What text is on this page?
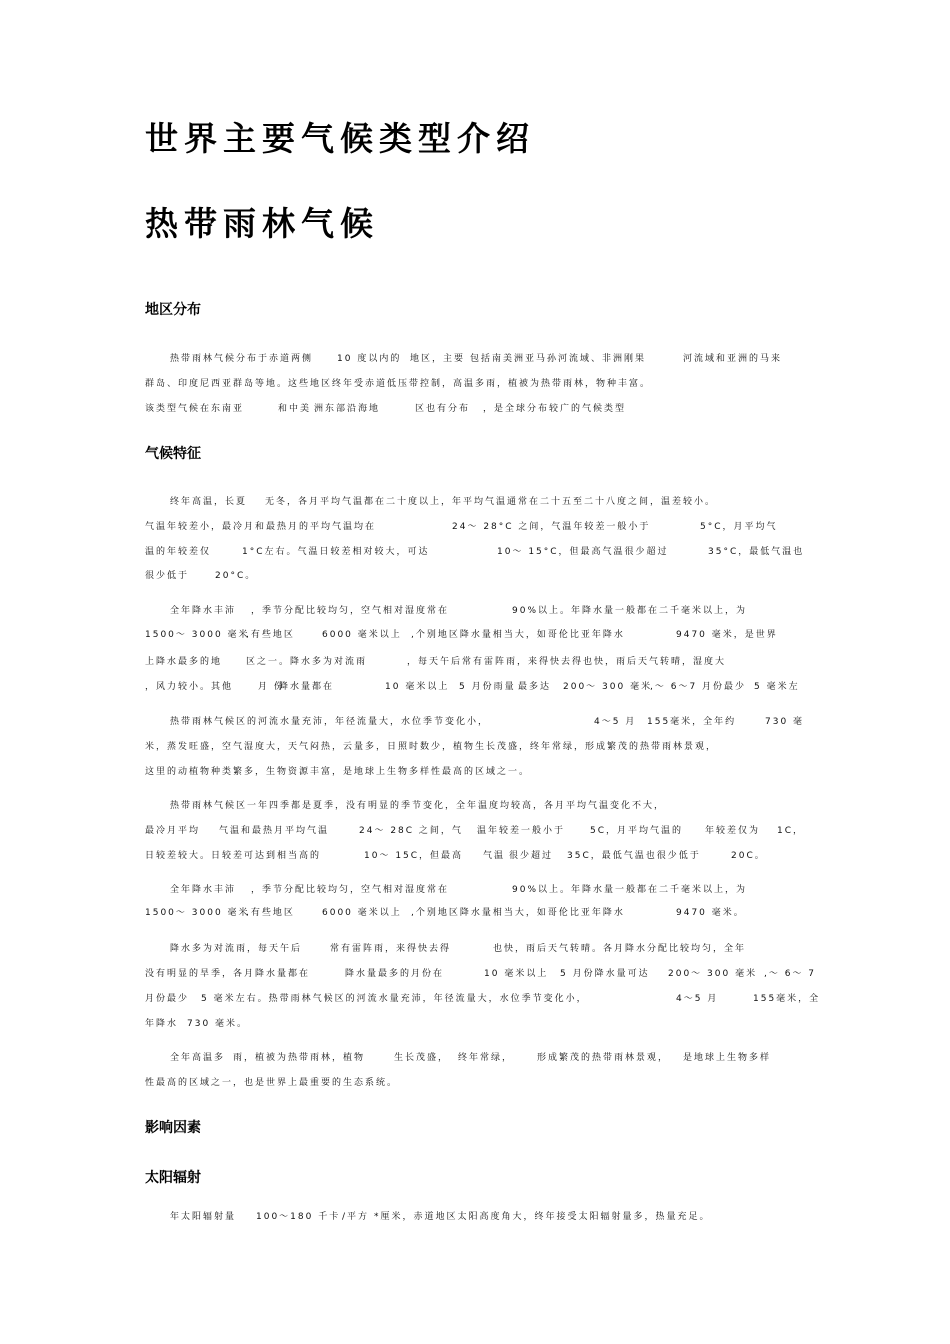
世界主要气候类型介绍
热带雨林气候
地区分布
气候特征
影响因素
太阳辐射
热带雨林气候分布于赤道两侧	10 度以内的 地区，主要 包括南美洲亚马孙河流域、非洲刚果	河流域和亚洲的马来
群岛、印度尼西亚群岛等地。这些地区终年受赤道低压带控制，高温多雨，植被为热带雨林，物种丰富。
该类型气候在东南亚	和中美 洲东部沿海地	区也有分布 ，是全球分布较广的气候类型
终年高温，长夏 无冬，各月平均气温都在二十度以上，年平均气温通常在二十五至二十八度之间，温差较小。
气温年较差小，最冷月和最热月的平均气温均在	24～ 28°C 之间，气温年较差一般小于	5°C，月平均气
温的年较差仅	1°C左右。气温日较差相对较大，可达	10～ 15°C，但最高气温很少超过	35°C，最低气温也
很少低于	20°C。
全年降水丰沛 ，季节分配比较均匀，空气相对湿度常在	90%以上。年降水量一般都在二千毫米以上，为
1500～ 3000 毫米
,有些地区	6000 毫米以上 ,个别地区降水量相当大，如哥伦比亚年降水	9470 毫米，是世界
上降水最多的地	区之一。降水多为对流雨	，每天午后常有雷阵雨，来得快去得也快，雨后天气转晴，湿度大
，风力较小。其他	月 份
降水量都在	10 毫米以上 5 月份雨量 最多达 200～ 300 毫米
,～ 6～7 月份最少 5 毫米左
热带雨林气候区的河流水量充沛，年径流量大，水位季节变化小，	4～5 月 155毫米，全年约	730 毫
米，蒸发旺盛，空气湿度大，天气闷热，云量多，日照时数少，植物生长茂盛，终年常绿，形成繁茂的热带雨林景观，
这里的动植物种类繁多，生物资源丰富，是地球上生物多样性最高的区域之一。
热带雨林气候区一年四季都是夏季，没有明显的季节变化，全年温度均较高，各月平均气温变化不大，
最冷月平均 气温和最热月平均气温	24～ 28C 之间，气 温年较差一般小于	5C，月平均气温的 年较差仅为 1C，
日较差较大。日较差可达到相当高的	10～ 15C，但最高 气温 很少超过 35C，最低气温也很少低于	20C。
全年降水丰沛 ，季节分配比较均匀，空气相对湿度常在	90%以上。年降水量一般都在二千毫米以上，为
1500～ 3000 毫米
,有些地区	6000 毫米以上 ,个别地区降水量相当大，如哥伦比亚年降水	9470 毫米。
降水多为对流雨，每天午后	常有雷阵雨，来得快去得	也快，雨后天气转晴。各月降水分配比较均匀，全年
没有明显的旱季，各月降水量都在	降水量最多的月份在	10 毫米以上 5 月份降水量可达 200～ 300 毫米 ,～ 6～ 7
月份最少 5 毫米左右。热带雨林气候区的河流水量充沛，年径流量大，水位季节变化小，	4～5 月	155毫米，全
年降水 730 毫米。
全年高温多 雨，植被为热带雨林，植物	生长茂盛， 终年常绿，	形成繁茂的热带雨林景观， 是地球上生物多样
性最高的区域之一，也是世界上最重要的生态系统。
年太阳辐射量 100～180 千卡 /平方 *厘米，赤道地区太阳高度角大，终年接受太阳辐射量多，热量充足。
